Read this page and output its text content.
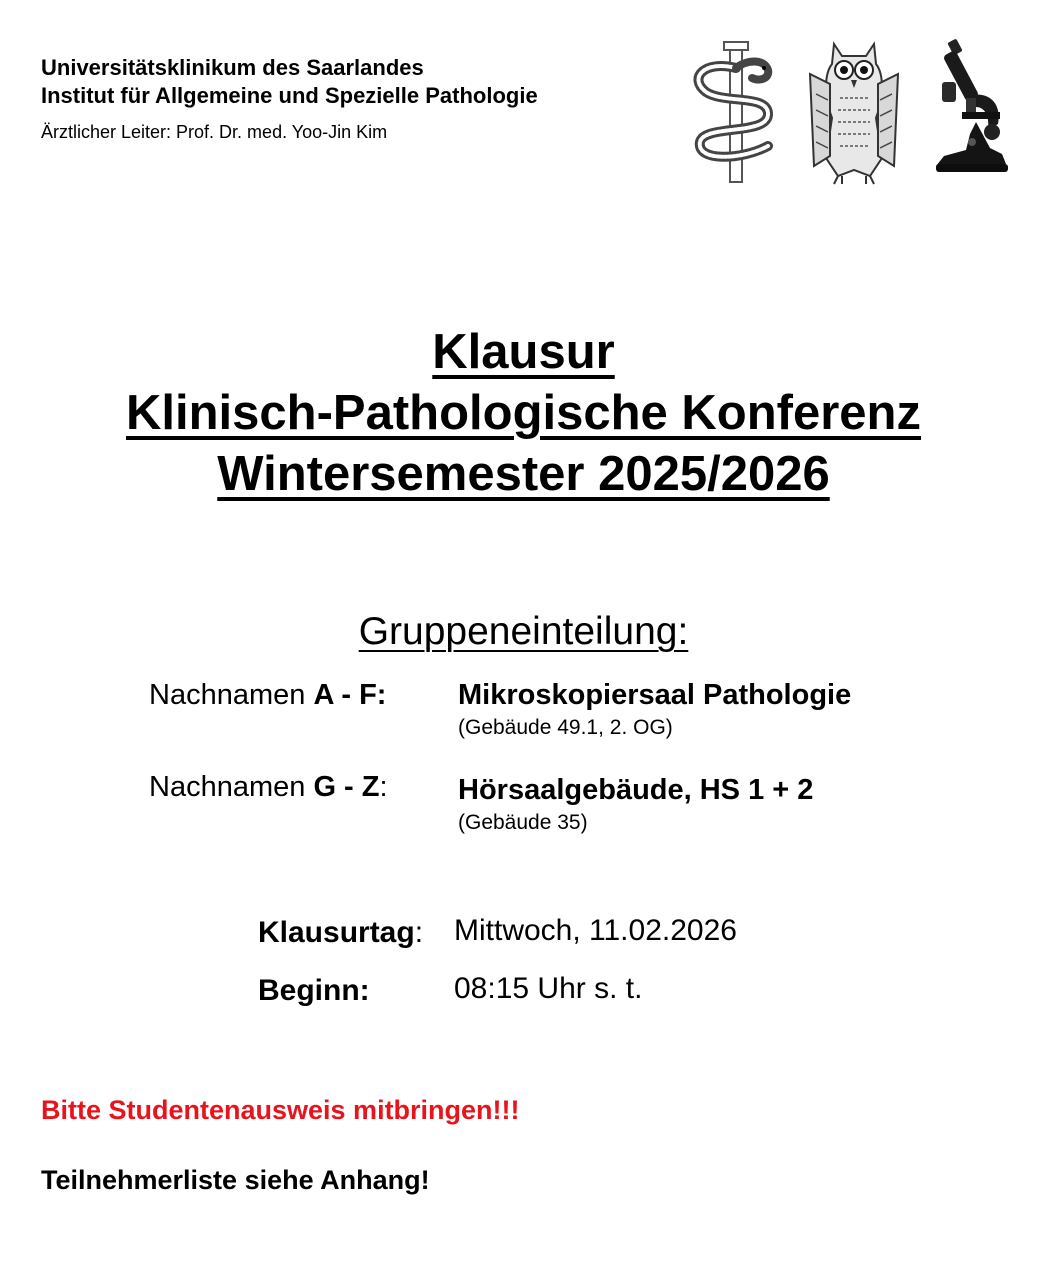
Universitätsklinikum des Saarlandes
Institut für Allgemeine und Spezielle Pathologie
Ärztlicher Leiter: Prof. Dr. med. Yoo-Jin Kim
Klausur
Klinisch-Pathologische Konferenz
Wintersemester 2025/2026
Gruppeneinteilung:
Nachnamen A - F: Mikroskopiersaal Pathologie
(Gebäude 49.1, 2. OG)
Nachnamen G - Z: Hörsaalgebäude, HS 1 + 2
(Gebäude 35)
Klausurtag: Mittwoch, 11.02.2026
Beginn:	08:15 Uhr s. t.
Bitte Studentenausweis mitbringen!!!
Teilnehmerliste siehe Anhang!
